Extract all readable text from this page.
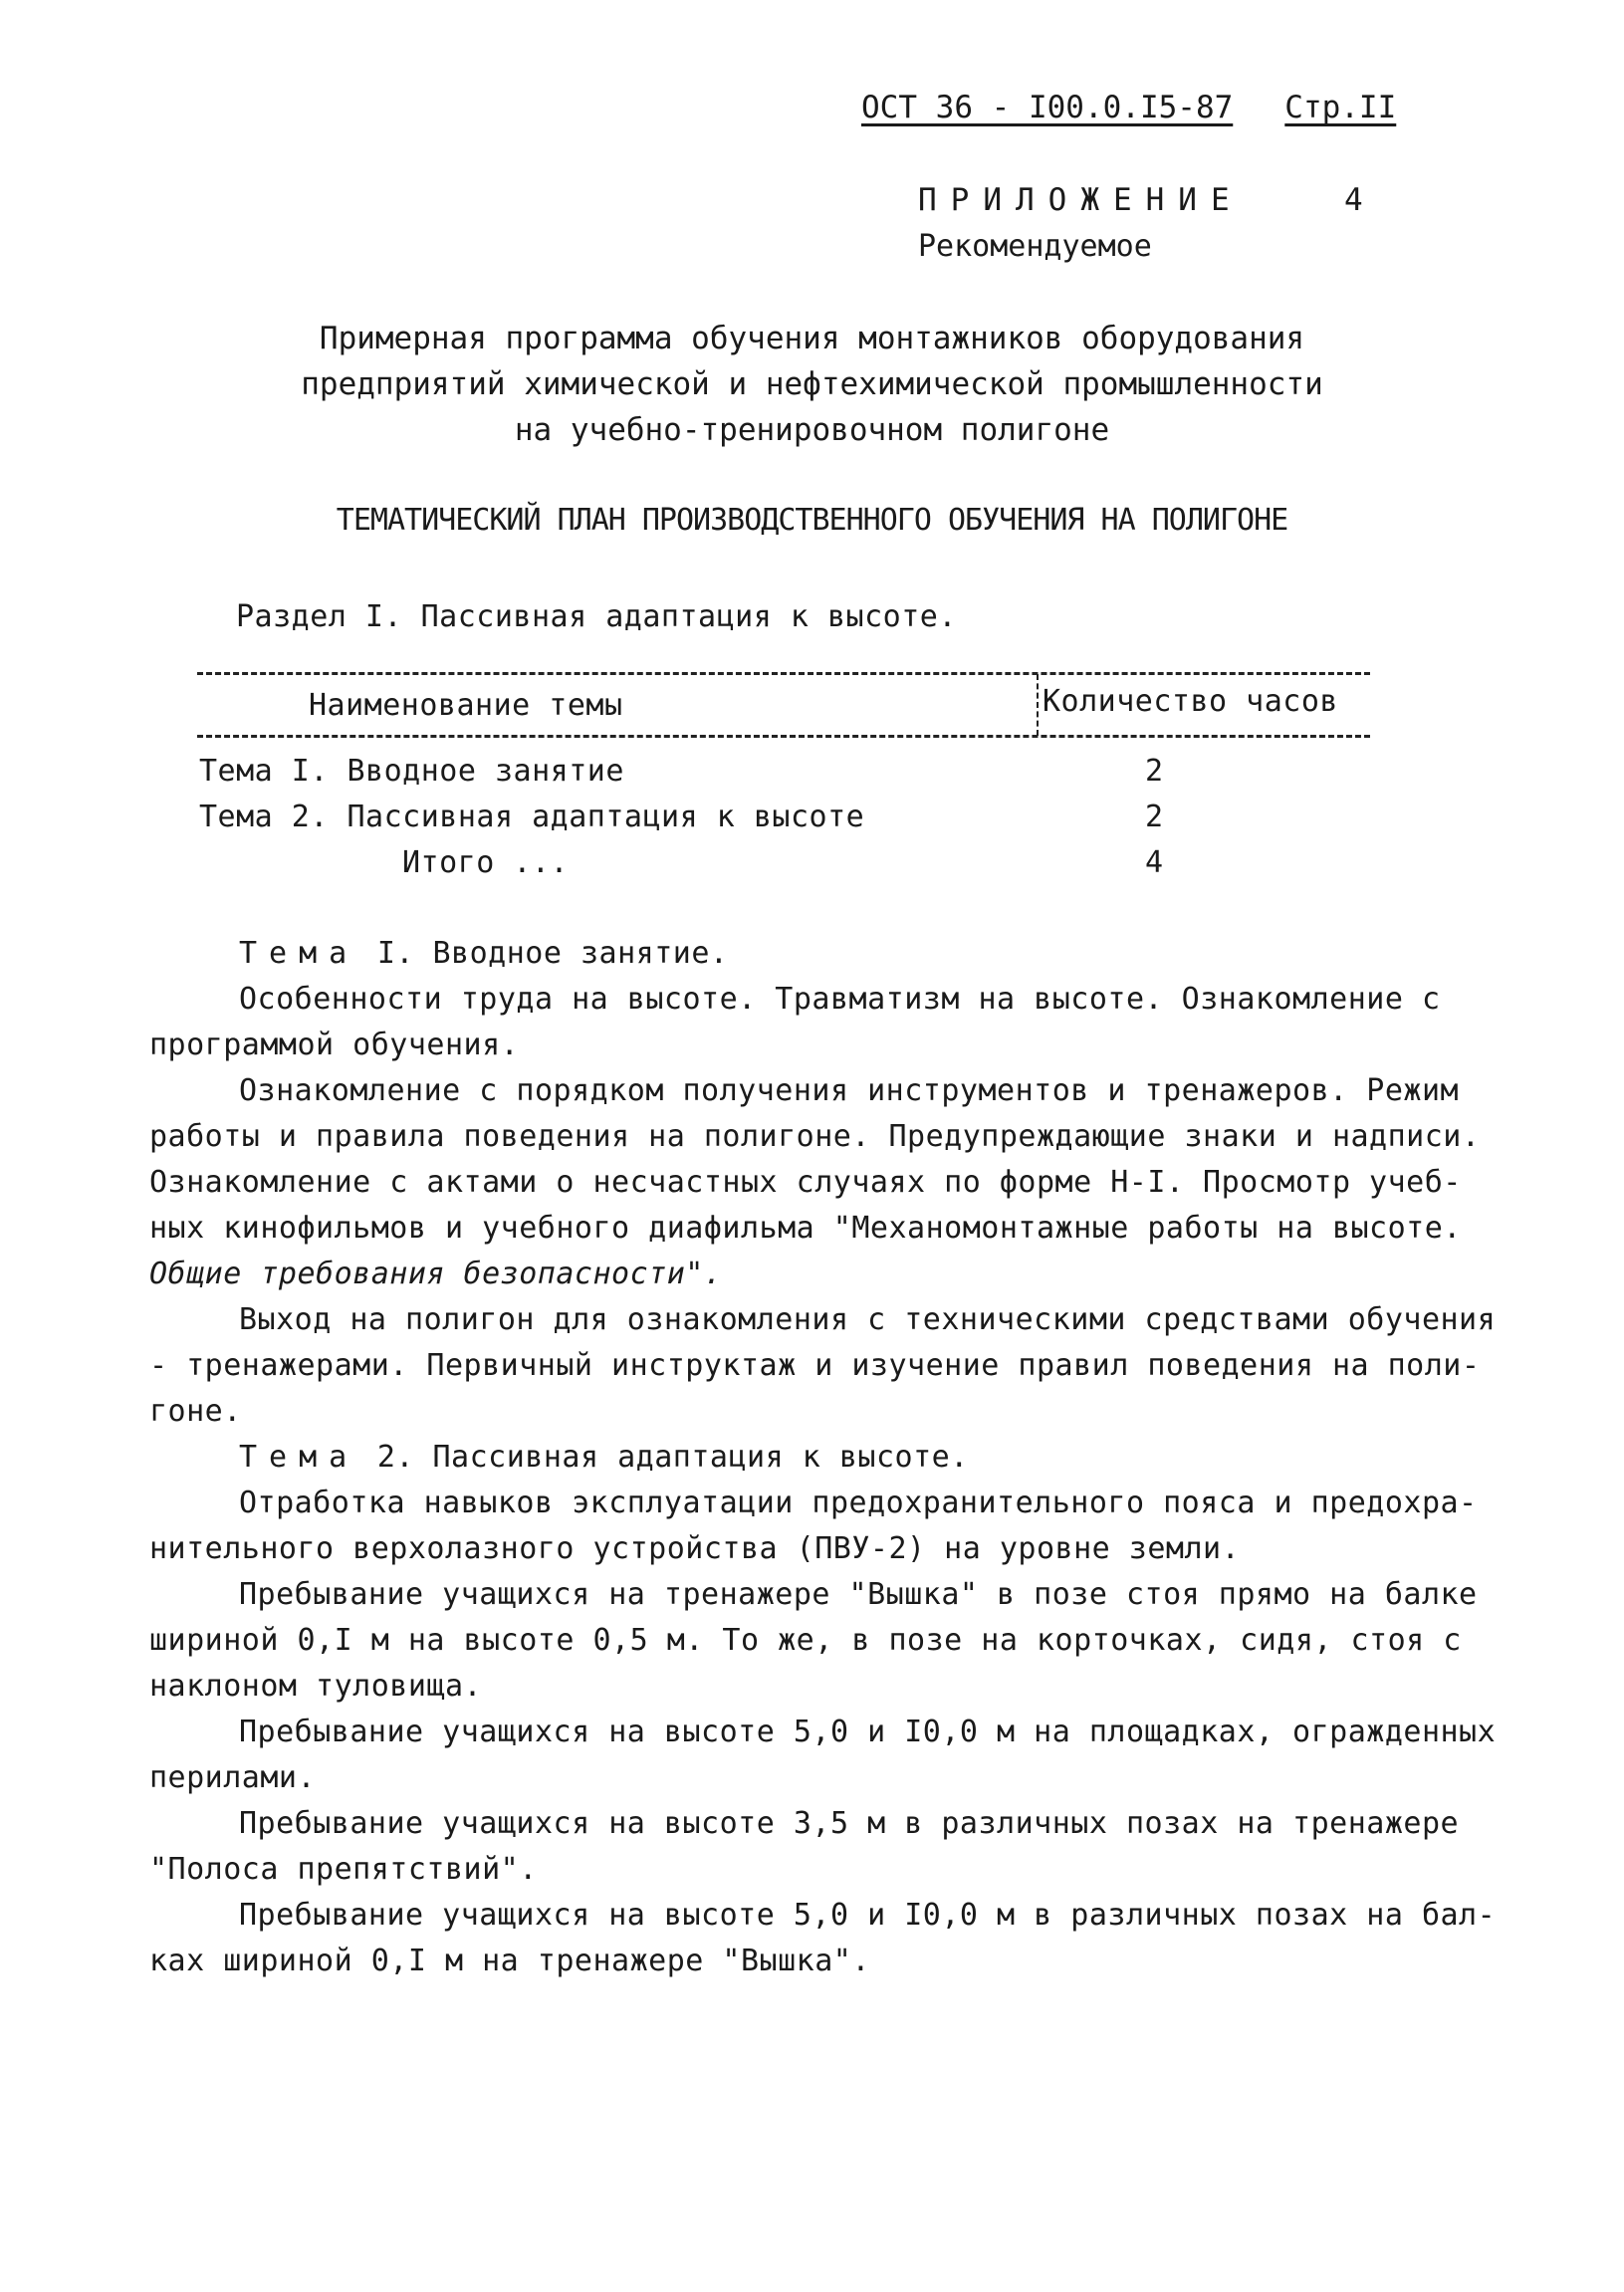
ОСТ 36 - I00.0.I5-87 Стр.II
ПРИЛОЖЕНИЕ	4
Рекомендуемое
Примерная программа обучения монтажников оборудования
предприятий химической и нефтехимической промышленности
на учебно-тренировочном полигоне
ТЕМАТИЧЕСКИЙ ПЛАН ПРОИЗВОДСТВЕННОГО ОБУЧЕНИЯ НА ПОЛИГОНЕ
Раздел I. Пассивная адаптация к высоте.
Наименование темы	Количество часов
Тема I. Вводное занятие	2
Тема 2. Пассивная адаптация к высоте	2
Итого ...	4
Тема I. Вводное занятие.
Особенности труда на высоте. Травматизм на высоте. Ознакомление с
программой обучения.
Ознакомление с порядком получения инструментов и тренажеров. Режим
работы и правила поведения на полигоне. Предупреждающие знаки и надписи.
Ознакомление с актами о несчастных случаях по форме Н-I. Просмотр учеб-
ных кинофильмов и учебного диафильма "Механомонтажные работы на высоте.
Общие требования безопасности".
Выход на полигон для ознакомления с техническими средствами обучения
- тренажерами. Первичный инструктаж и изучение правил поведения на поли-
гоне.
Тема 2. Пассивная адаптация к высоте.
Отработка навыков эксплуатации предохранительного пояса и предохра-
нительного верхолазного устройства (ПВУ-2) на уровне земли.
Пребывание учащихся на тренажере "Вышка" в позе стоя прямо на балке
шириной 0,I м на высоте 0,5 м. То же, в позе на корточках, сидя, стоя с
наклоном туловища.
Пребывание учащихся на высоте 5,0 и I0,0 м на площадках, огражденных
перилами.
Пребывание учащихся на высоте 3,5 м в различных позах на тренажере
"Полоса препятствий".
Пребывание учащихся на высоте 5,0 и I0,0 м в различных позах на бал-
ках шириной 0,I м на тренажере "Вышка".
